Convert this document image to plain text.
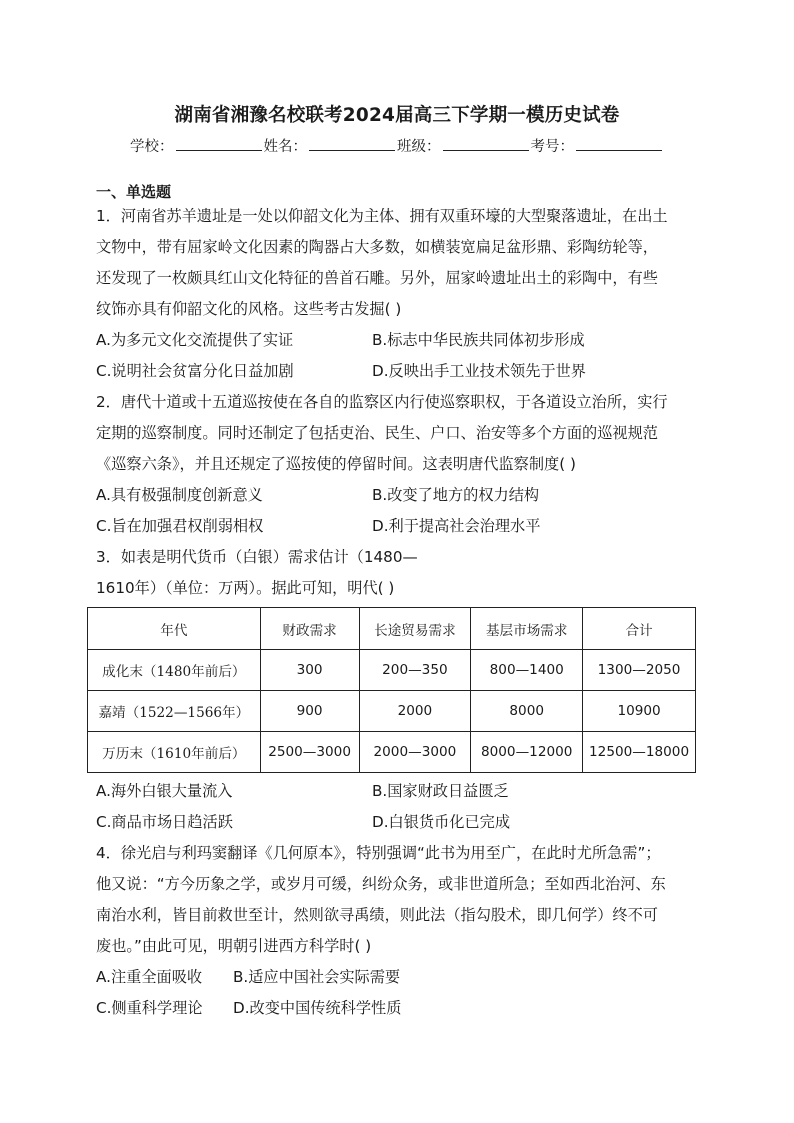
湖南省湘豫名校联考2024届高三下学期一模历史试卷
学校：	姓名：	班级：	考号：
一、单选题
1．河南省苏羊遗址是一处以仰韶文化为主体、拥有双重环壕的大型聚落遗址，在出土
文物中，带有屈家岭文化因素的陶器占大多数，如横装宽扁足盆形鼎、彩陶纺轮等，
还发现了一枚颇具红山文化特征的兽首石雕。另外，屈家岭遗址出土的彩陶中，有些
纹饰亦具有仰韶文化的风格。这些考古发掘( )
A.为多元文化交流提供了实证	B.标志中华民族共同体初步形成
C.说明社会贫富分化日益加剧	D.反映出手工业技术领先于世界
2．唐代十道或十五道巡按使在各自的监察区内行使巡察职权，于各道设立治所，实行
定期的巡察制度。同时还制定了包括吏治、民生、户口、治安等多个方面的巡视规范
《巡察六条》，并且还规定了巡按使的停留时间。这表明唐代监察制度( )
A.具有极强制度创新意义	B.改变了地方的权力结构
C.旨在加强君权削弱相权	D.利于提高社会治理水平
3．如表是明代货币（白银）需求估计（1480—
1610年）（单位：万两）。据此可知，明代( )
年代	财政需求	长途贸易需求	基层市场需求	合计
成化末（1480年前后）	300	200—350	800—1400	1300—2050
嘉靖（1522—1566年）	900	2000	8000	10900
万历末（1610年前后）	2500—3000	2000—3000	8000—12000	12500—18000
A.海外白银大量流入	B.国家财政日益匮乏
C.商品市场日趋活跃	D.白银货币化已完成
4．徐光启与利玛窦翻译《几何原本》，特别强调“此书为用至广，在此时尤所急需”；
他又说：“方今历象之学，或岁月可缓，纠纷众务，或非世道所急；至如西北治河、东
南治水利，皆目前救世至计，然则欲寻禹绩，则此法（指勾股术，即几何学）终不可
废也。”由此可见，明朝引进西方科学时( )
A.注重全面吸收 B.适应中国社会实际需要
C.侧重科学理论 D.改变中国传统科学性质
